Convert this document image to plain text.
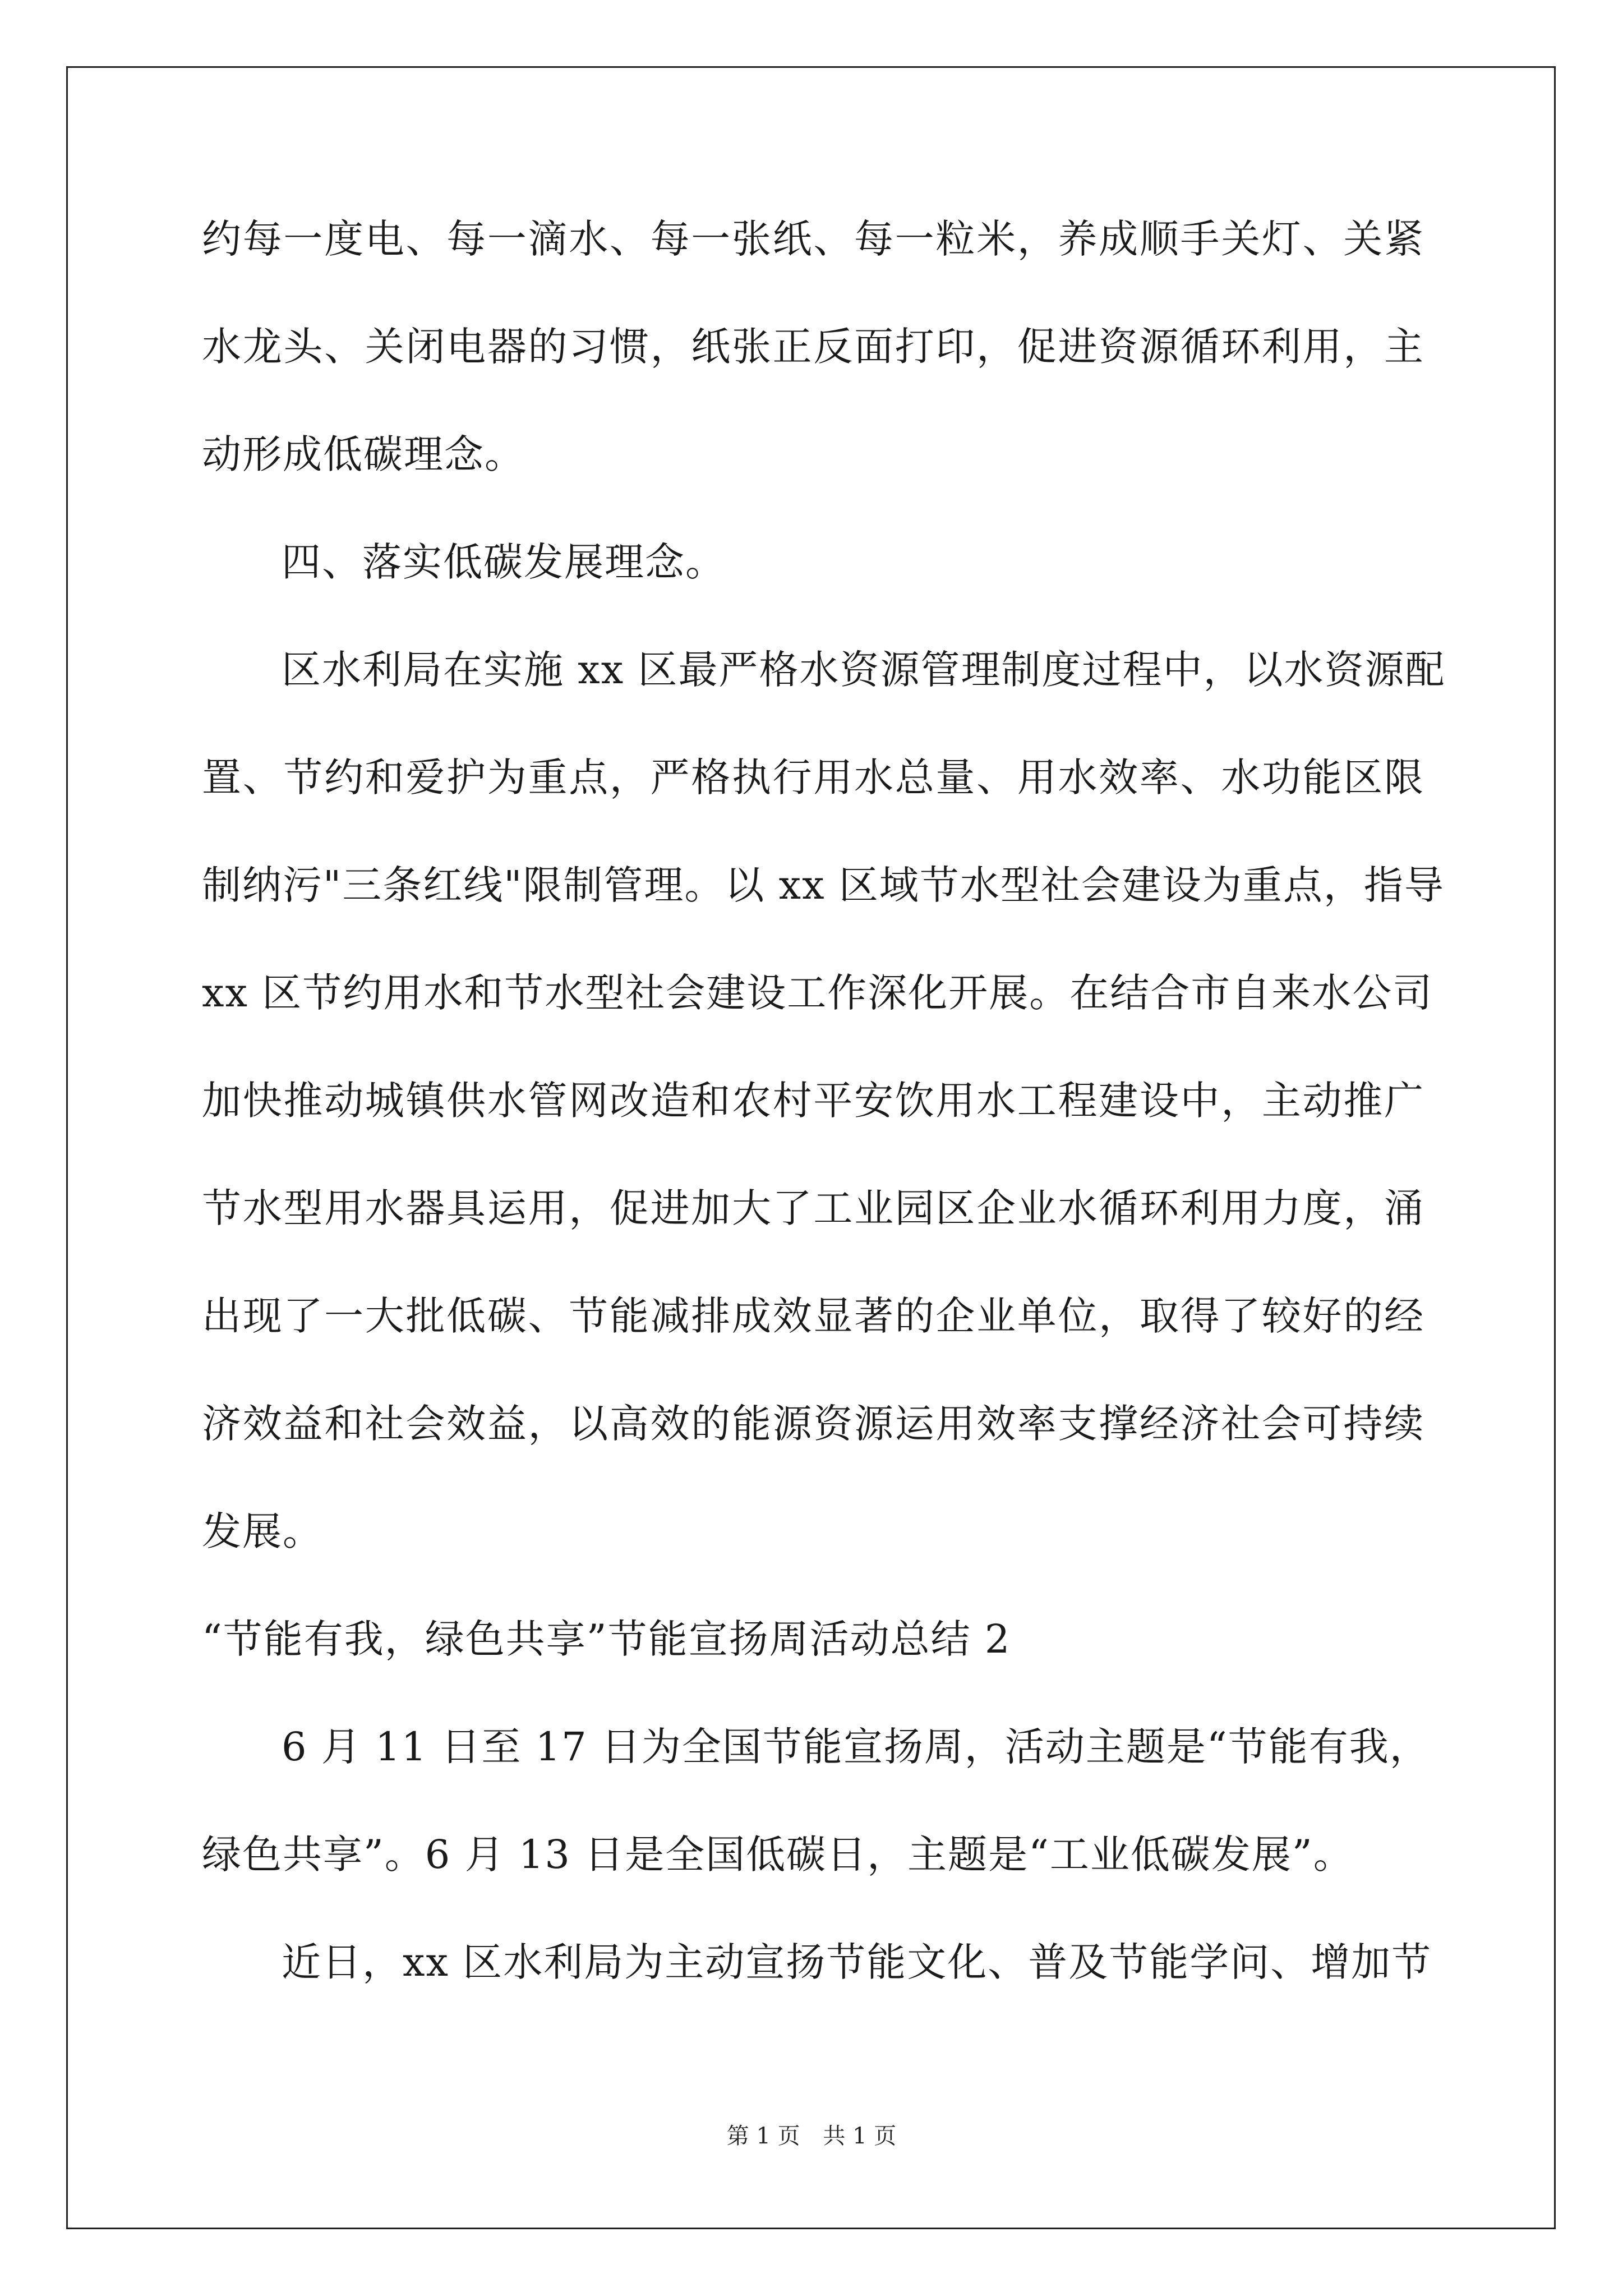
约每一度电、每一滴水、每一张纸、每一粒米，养成顺手关灯、关紧

水龙头、关闭电器的习惯，纸张正反面打印，促进资源循环利用，主

动形成低碳理念。

四、落实低碳发展理念。

区水利局在实施 xx 区最严格水资源管理制度过程中，以水资源配

置、节约和爱护为重点，严格执行用水总量、用水效率、水功能区限

制纳污"三条红线"限制管理。以 xx 区域节水型社会建设为重点，指导

xx 区节约用水和节水型社会建设工作深化开展。在结合市自来水公司

加快推动城镇供水管网改造和农村平安饮用水工程建设中，主动推广

节水型用水器具运用，促进加大了工业园区企业水循环利用力度，涌

出现了一大批低碳、节能减排成效显著的企业单位，取得了较好的经

济效益和社会效益，以高效的能源资源运用效率支撑经济社会可持续

发展。

“节能有我，绿色共享”节能宣扬周活动总结 2

6 月 11 日至 17 日为全国节能宣扬周，活动主题是“节能有我，

绿色共享”。6 月 13 日是全国低碳日，主题是“工业低碳发展”。

近日，xx 区水利局为主动宣扬节能文化、普及节能学问、增加节

第 1 页 共 1 页
